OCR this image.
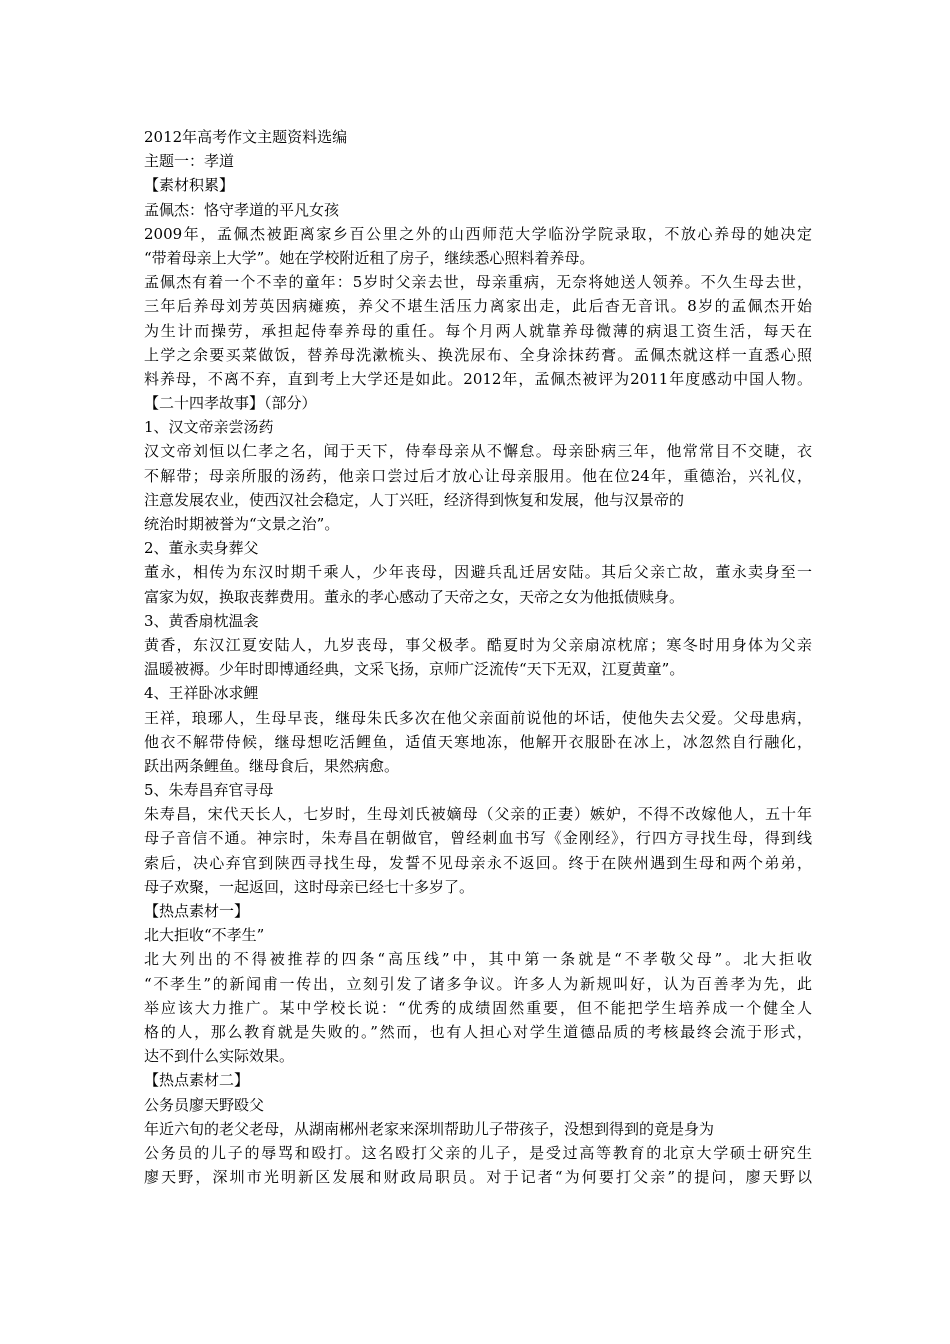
2012年高考作文主题资料选编
主题一：孝道
【素材积累】
孟佩杰：恪守孝道的平凡女孩
2009年，孟佩杰被距离家乡百公里之外的山西师范大学临汾学院录取，不放心养母的她决定
“带着母亲上大学”。她在学校附近租了房子，继续悉心照料着养母。
孟佩杰有着一个不幸的童年：5岁时父亲去世，母亲重病，无奈将她送人领养。不久生母去世，
三年后养母刘芳英因病瘫痪，养父不堪生活压力离家出走，此后杳无音讯。8岁的孟佩杰开始
为生计而操劳，承担起侍奉养母的重任。每个月两人就靠养母微薄的病退工资生活，每天在
上学之余要买菜做饭，替养母洗漱梳头、换洗尿布、全身涂抹药膏。孟佩杰就这样一直悉心照
料养母，不离不弃，直到考上大学还是如此。2012年，孟佩杰被评为2011年度感动中国人物。
【二十四孝故事】（部分）
1、汉文帝亲尝汤药
汉文帝刘恒以仁孝之名，闻于天下，侍奉母亲从不懈怠。母亲卧病三年，他常常目不交睫，衣
不解带；母亲所服的汤药，他亲口尝过后才放心让母亲服用。他在位24年，重德治，兴礼仪，
注意发展农业，使西汉社会稳定，人丁兴旺，经济得到恢复和发展，他与汉景帝的
统治时期被誉为“文景之治”。
2、董永卖身葬父
董永，相传为东汉时期千乘人，少年丧母，因避兵乱迁居安陆。其后父亲亡故，董永卖身至一
富家为奴，换取丧葬费用。董永的孝心感动了天帝之女，天帝之女为他抵债赎身。
3、黄香扇枕温衾
黄香，东汉江夏安陆人，九岁丧母，事父极孝。酷夏时为父亲扇凉枕席；寒冬时用身体为父亲
温暖被褥。少年时即博通经典，文采飞扬，京师广泛流传“天下无双，江夏黄童”。
4、王祥卧冰求鲤
王祥，琅琊人，生母早丧，继母朱氏多次在他父亲面前说他的坏话，使他失去父爱。父母患病，
他衣不解带侍候，继母想吃活鲤鱼，适值天寒地冻，他解开衣服卧在冰上，冰忽然自行融化，
跃出两条鲤鱼。继母食后，果然病愈。
5、朱寿昌弃官寻母
朱寿昌，宋代天长人，七岁时，生母刘氏被嫡母（父亲的正妻）嫉妒，不得不改嫁他人，五十年
母子音信不通。神宗时，朱寿昌在朝做官，曾经刺血书写《金刚经》，行四方寻找生母，得到线
索后，决心弃官到陕西寻找生母，发誓不见母亲永不返回。终于在陕州遇到生母和两个弟弟，
母子欢聚，一起返回，这时母亲已经七十多岁了。
【热点素材一】
北大拒收“不孝生”
北大列出的不得被推荐的四条“高压线”中，其中第一条就是“不孝敬父母”。北大拒收
“不孝生”的新闻甫一传出，立刻引发了诸多争议。许多人为新规叫好，认为百善孝为先，此
举应该大力推广。某中学校长说：“优秀的成绩固然重要，但不能把学生培养成一个健全人
格的人，那么教育就是失败的。”然而，也有人担心对学生道德品质的考核最终会流于形式，
达不到什么实际效果。
【热点素材二】
公务员廖天野殴父
年近六旬的老父老母，从湖南郴州老家来深圳帮助儿子带孩子，没想到得到的竟是身为
公务员的儿子的辱骂和殴打。这名殴打父亲的儿子，是受过高等教育的北京大学硕士研究生
廖天野，深圳市光明新区发展和财政局职员。对于记者“为何要打父亲”的提问，廖天野以
